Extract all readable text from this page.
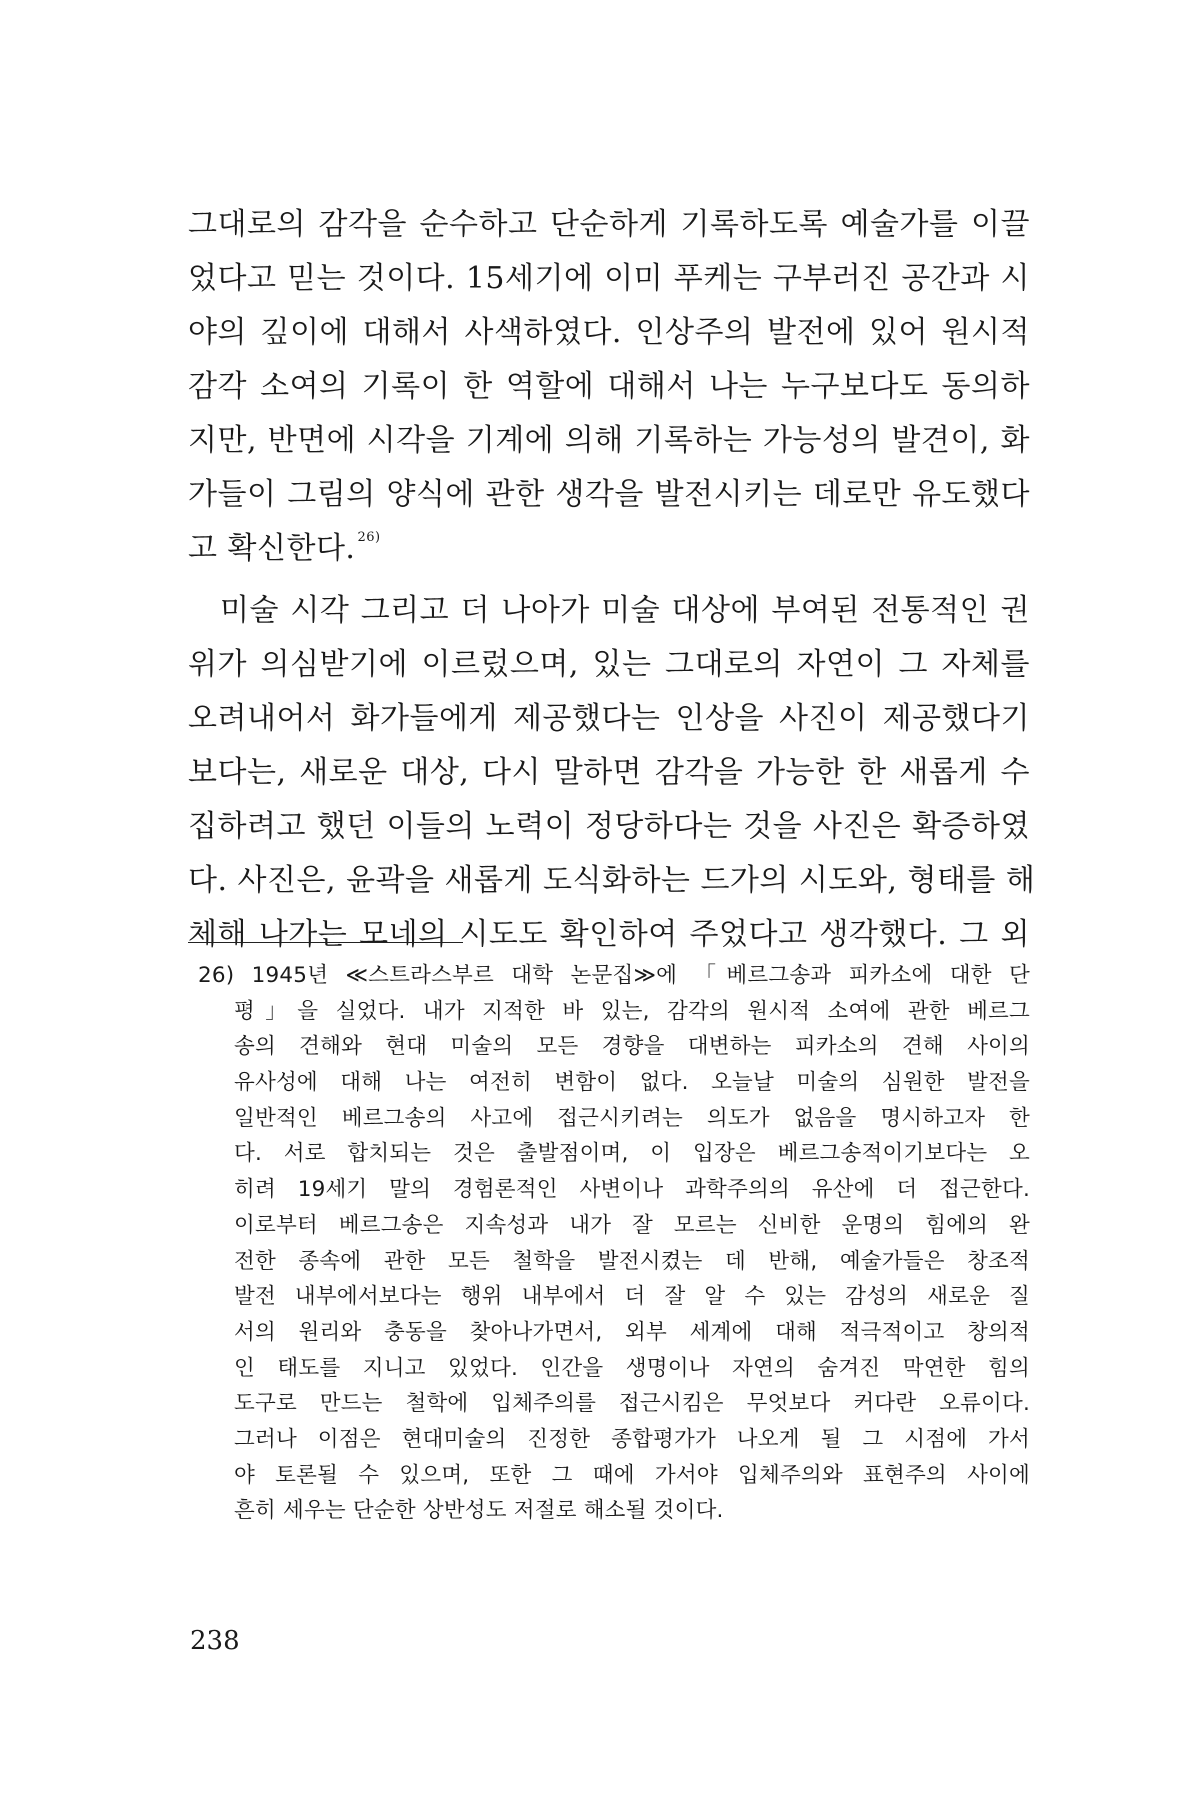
그대로의 감각을 순수하고 단순하게 기록하도록 예술가를 이끌
었다고 믿는 것이다. 15세기에 이미 푸케는 구부러진 공간과 시
야의 깊이에 대해서 사색하였다. 인상주의 발전에 있어 원시적
감각 소여의 기록이 한 역할에 대해서 나는 누구보다도 동의하
지만, 반면에 시각을 기계에 의해 기록하는 가능성의 발견이, 화
가들이 그림의 양식에 관한 생각을 발전시키는 데로만 유도했다
고 확신한다. $^{26)}$
미술 시각 그리고 더 나아가 미술 대상에 부여된 전통적인 권
위가 의심받기에 이르렀으며, 있는 그대로의 자연이 그 자체를
오려내어서 화가들에게 제공했다는 인상을 사진이 제공했다기
보다는, 새로운 대상, 다시 말하면 감각을 가능한 한 새롭게 수
집하려고 했던 이들의 노력이 정당하다는 것을 사진은 확증하였
다. 사진은, 윤곽을 새롭게 도식화하는 드가의 시도와, 형태를 해
체해 나가는 모네의 시도도 확인하여 주었다고 생각했다. 그 외
26) 1945년 ≪스트라스부르 대학 논문집≫에 「베르그송과 피카소에 대한 단
평」을 실었다. 내가 지적한 바 있는, 감각의 원시적 소여에 관한 베르그
송의 견해와 현대 미술의 모든 경향을 대변하는 피카소의 견해 사이의
유사성에 대해 나는 여전히 변함이 없다. 오늘날 미술의 심원한 발전을
일반적인 베르그송의 사고에 접근시키려는 의도가 없음을 명시하고자 한
다. 서로 합치되는 것은 출발점이며, 이 입장은 베르그송적이기보다는 오
히려 19세기 말의 경험론적인 사변이나 과학주의의 유산에 더 접근한다.
이로부터 베르그송은 지속성과 내가 잘 모르는 신비한 운명의 힘에의 완
전한 종속에 관한 모든 철학을 발전시켰는 데 반해, 예술가들은 창조적
발전 내부에서보다는 행위 내부에서 더 잘 알 수 있는 감성의 새로운 질
서의 원리와 충동을 찾아나가면서, 외부 세계에 대해 적극적이고 창의적
인 태도를 지니고 있었다. 인간을 생명이나 자연의 숨겨진 막연한 힘의
도구로 만드는 철학에 입체주의를 접근시킴은 무엇보다 커다란 오류이다.
그러나 이점은 현대미술의 진정한 종합평가가 나오게 될 그 시점에 가서
야 토론될 수 있으며, 또한 그 때에 가서야 입체주의와 표현주의 사이에
흔히 세우는 단순한 상반성도 저절로 해소될 것이다.
238
